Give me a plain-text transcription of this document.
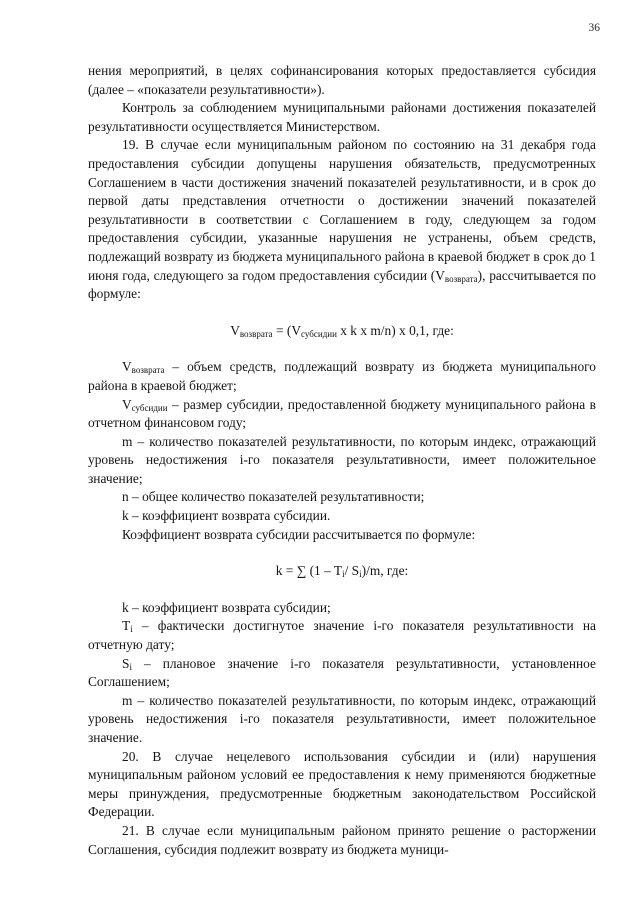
36

нения мероприятий, в целях софинансирования которых предоставляется субсидия (далее – «показатели результативности»).

Контроль за соблюдением муниципальными районами достижения показателей результативности осуществляется Министерством.

19. В случае если муниципальным районом по состоянию на 31 декабря года предоставления субсидии допущены нарушения обязательств, предусмотренных Соглашением в части достижения значений показателей результативности, и в срок до первой даты представления отчетности о достижении значений показателей результативности в соответствии с Соглашением в году, следующем за годом предоставления субсидии, указанные нарушения не устранены, объем средств, подлежащий возврату из бюджета муниципального района в краевой бюджет в срок до 1 июня года, следующего за годом предоставления субсидии $(V_{возврата})$, рассчитывается по формуле:

$V_{возврата} = (V_{субсидии}$ x k x m/n) x 0,1, где:

$V_{возврата}$ – объем средств, подлежащий возврату из бюджета муниципального района в краевой бюджет;

$V_{субсидии}$ – размер субсидии, предоставленной бюджету муниципального района в отчетном финансовом году;

m – количество показателей результативности, по которым индекс, отражающий уровень недостижения i-го показателя результативности, имеет положительное значение;

n – общее количество показателей результативности;

k – коэффициент возврата субсидии.

Коэффициент возврата субсидии рассчитывается по формуле:

k = ∑ ($1 - T_i/$ $S_i)/m$, где:

k – коэффициент возврата субсидии;

$T_i$ – фактически достигнутое значение i-го показателя результативности на отчетную дату;

$S_i$ – плановое значение i-го показателя результативности, установленное Соглашением;

m – количество показателей результативности, по которым индекс, отражающий уровень недостижения i-го показателя результативности, имеет положительное значение.

20. В случае нецелевого использования субсидии и (или) нарушения муниципальным районом условий ее предоставления к нему применяются бюджетные меры принуждения, предусмотренные бюджетным законодательством Российской Федерации.

21. В случае если муниципальным районом принято решение о расторжении Соглашения, субсидия подлежит возврату из бюджета муници-
